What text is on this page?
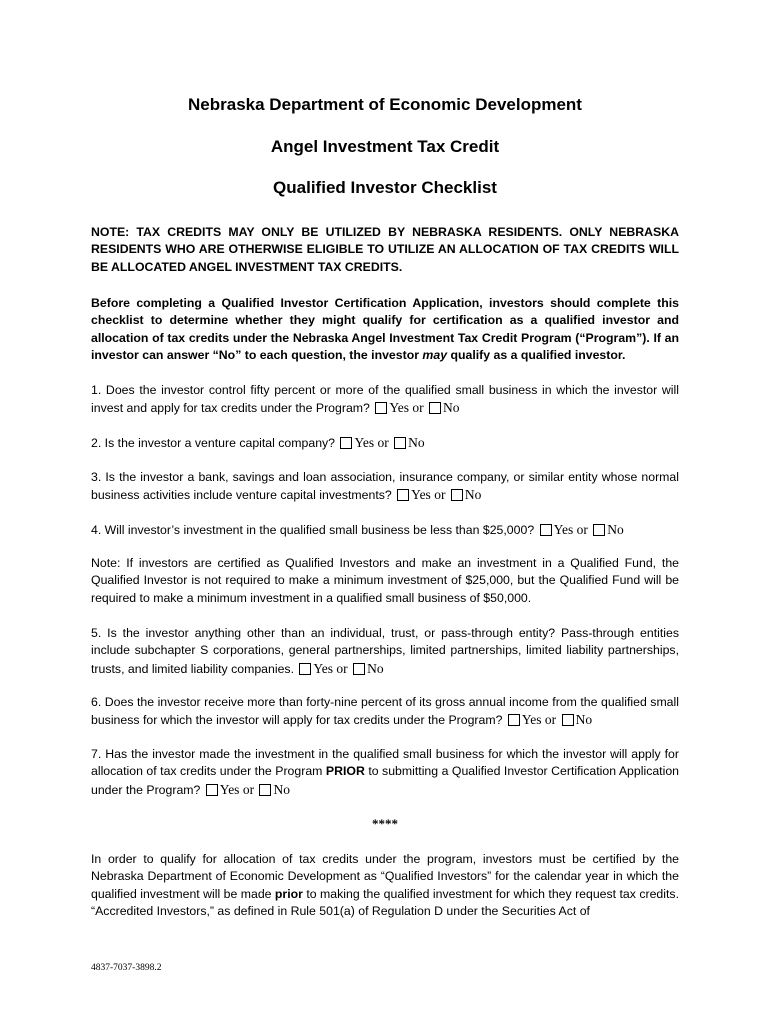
Nebraska Department of Economic Development
Angel Investment Tax Credit
Qualified Investor Checklist
NOTE: TAX CREDITS MAY ONLY BE UTILIZED BY NEBRASKA RESIDENTS. ONLY NEBRASKA RESIDENTS WHO ARE OTHERWISE ELIGIBLE TO UTILIZE AN ALLOCATION OF TAX CREDITS WILL BE ALLOCATED ANGEL INVESTMENT TAX CREDITS.
Before completing a Qualified Investor Certification Application, investors should complete this checklist to determine whether they might qualify for certification as a qualified investor and allocation of tax credits under the Nebraska Angel Investment Tax Credit Program (“Program”). If an investor can answer “No” to each question, the investor may qualify as a qualified investor.
1. Does the investor control fifty percent or more of the qualified small business in which the investor will invest and apply for tax credits under the Program? Yes or No
2. Is the investor a venture capital company? Yes or No
3. Is the investor a bank, savings and loan association, insurance company, or similar entity whose normal business activities include venture capital investments? Yes or No
4. Will investor’s investment in the qualified small business be less than $25,000? Yes or No
Note: If investors are certified as Qualified Investors and make an investment in a Qualified Fund, the Qualified Investor is not required to make a minimum investment of $25,000, but the Qualified Fund will be required to make a minimum investment in a qualified small business of $50,000.
5. Is the investor anything other than an individual, trust, or pass-through entity? Pass-through entities include subchapter S corporations, general partnerships, limited partnerships, limited liability partnerships, trusts, and limited liability companies. Yes or No
6. Does the investor receive more than forty-nine percent of its gross annual income from the qualified small business for which the investor will apply for tax credits under the Program? Yes or No
7. Has the investor made the investment in the qualified small business for which the investor will apply for allocation of tax credits under the Program PRIOR to submitting a Qualified Investor Certification Application under the Program? Yes or No
****
In order to qualify for allocation of tax credits under the program, investors must be certified by the Nebraska Department of Economic Development as “Qualified Investors” for the calendar year in which the qualified investment will be made prior to making the qualified investment for which they request tax credits. “Accredited Investors,” as defined in Rule 501(a) of Regulation D under the Securities Act of
4837-7037-3898.2
